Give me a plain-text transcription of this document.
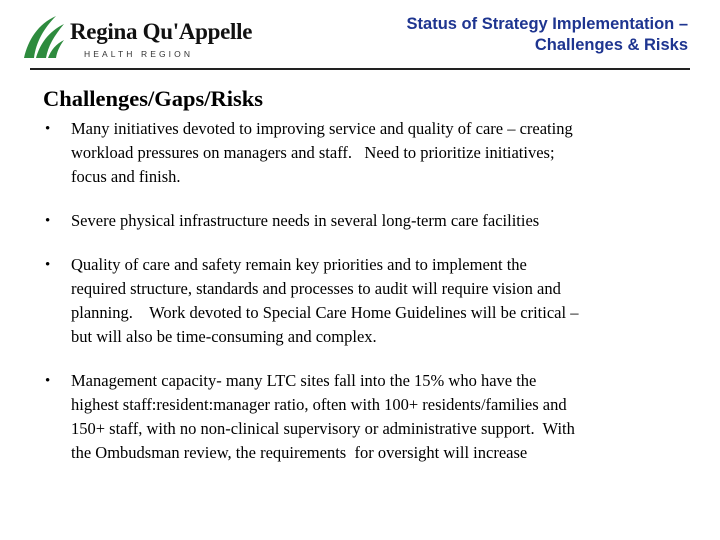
Regina Qu'Appelle
HEALTH REGION
Status of Strategy Implementation –
Challenges & Risks
Challenges/Gaps/Risks
• Many initiatives devoted to improving service and quality of care – creating
workload pressures on managers and staff.   Need to prioritize initiatives;
focus and finish.
• Severe physical infrastructure needs in several long-term care facilities
• Quality of care and safety remain key priorities and to implement the
required structure, standards and processes to audit will require vision and
planning.    Work devoted to Special Care Home Guidelines will be critical –
but will also be time-consuming and complex.
• Management capacity- many LTC sites fall into the 15% who have the
highest staff:resident:manager ratio, often with 100+ residents/families and
150+ staff, with no non-clinical supervisory or administrative support.  With
the Ombudsman review, the requirements  for oversight will increase
